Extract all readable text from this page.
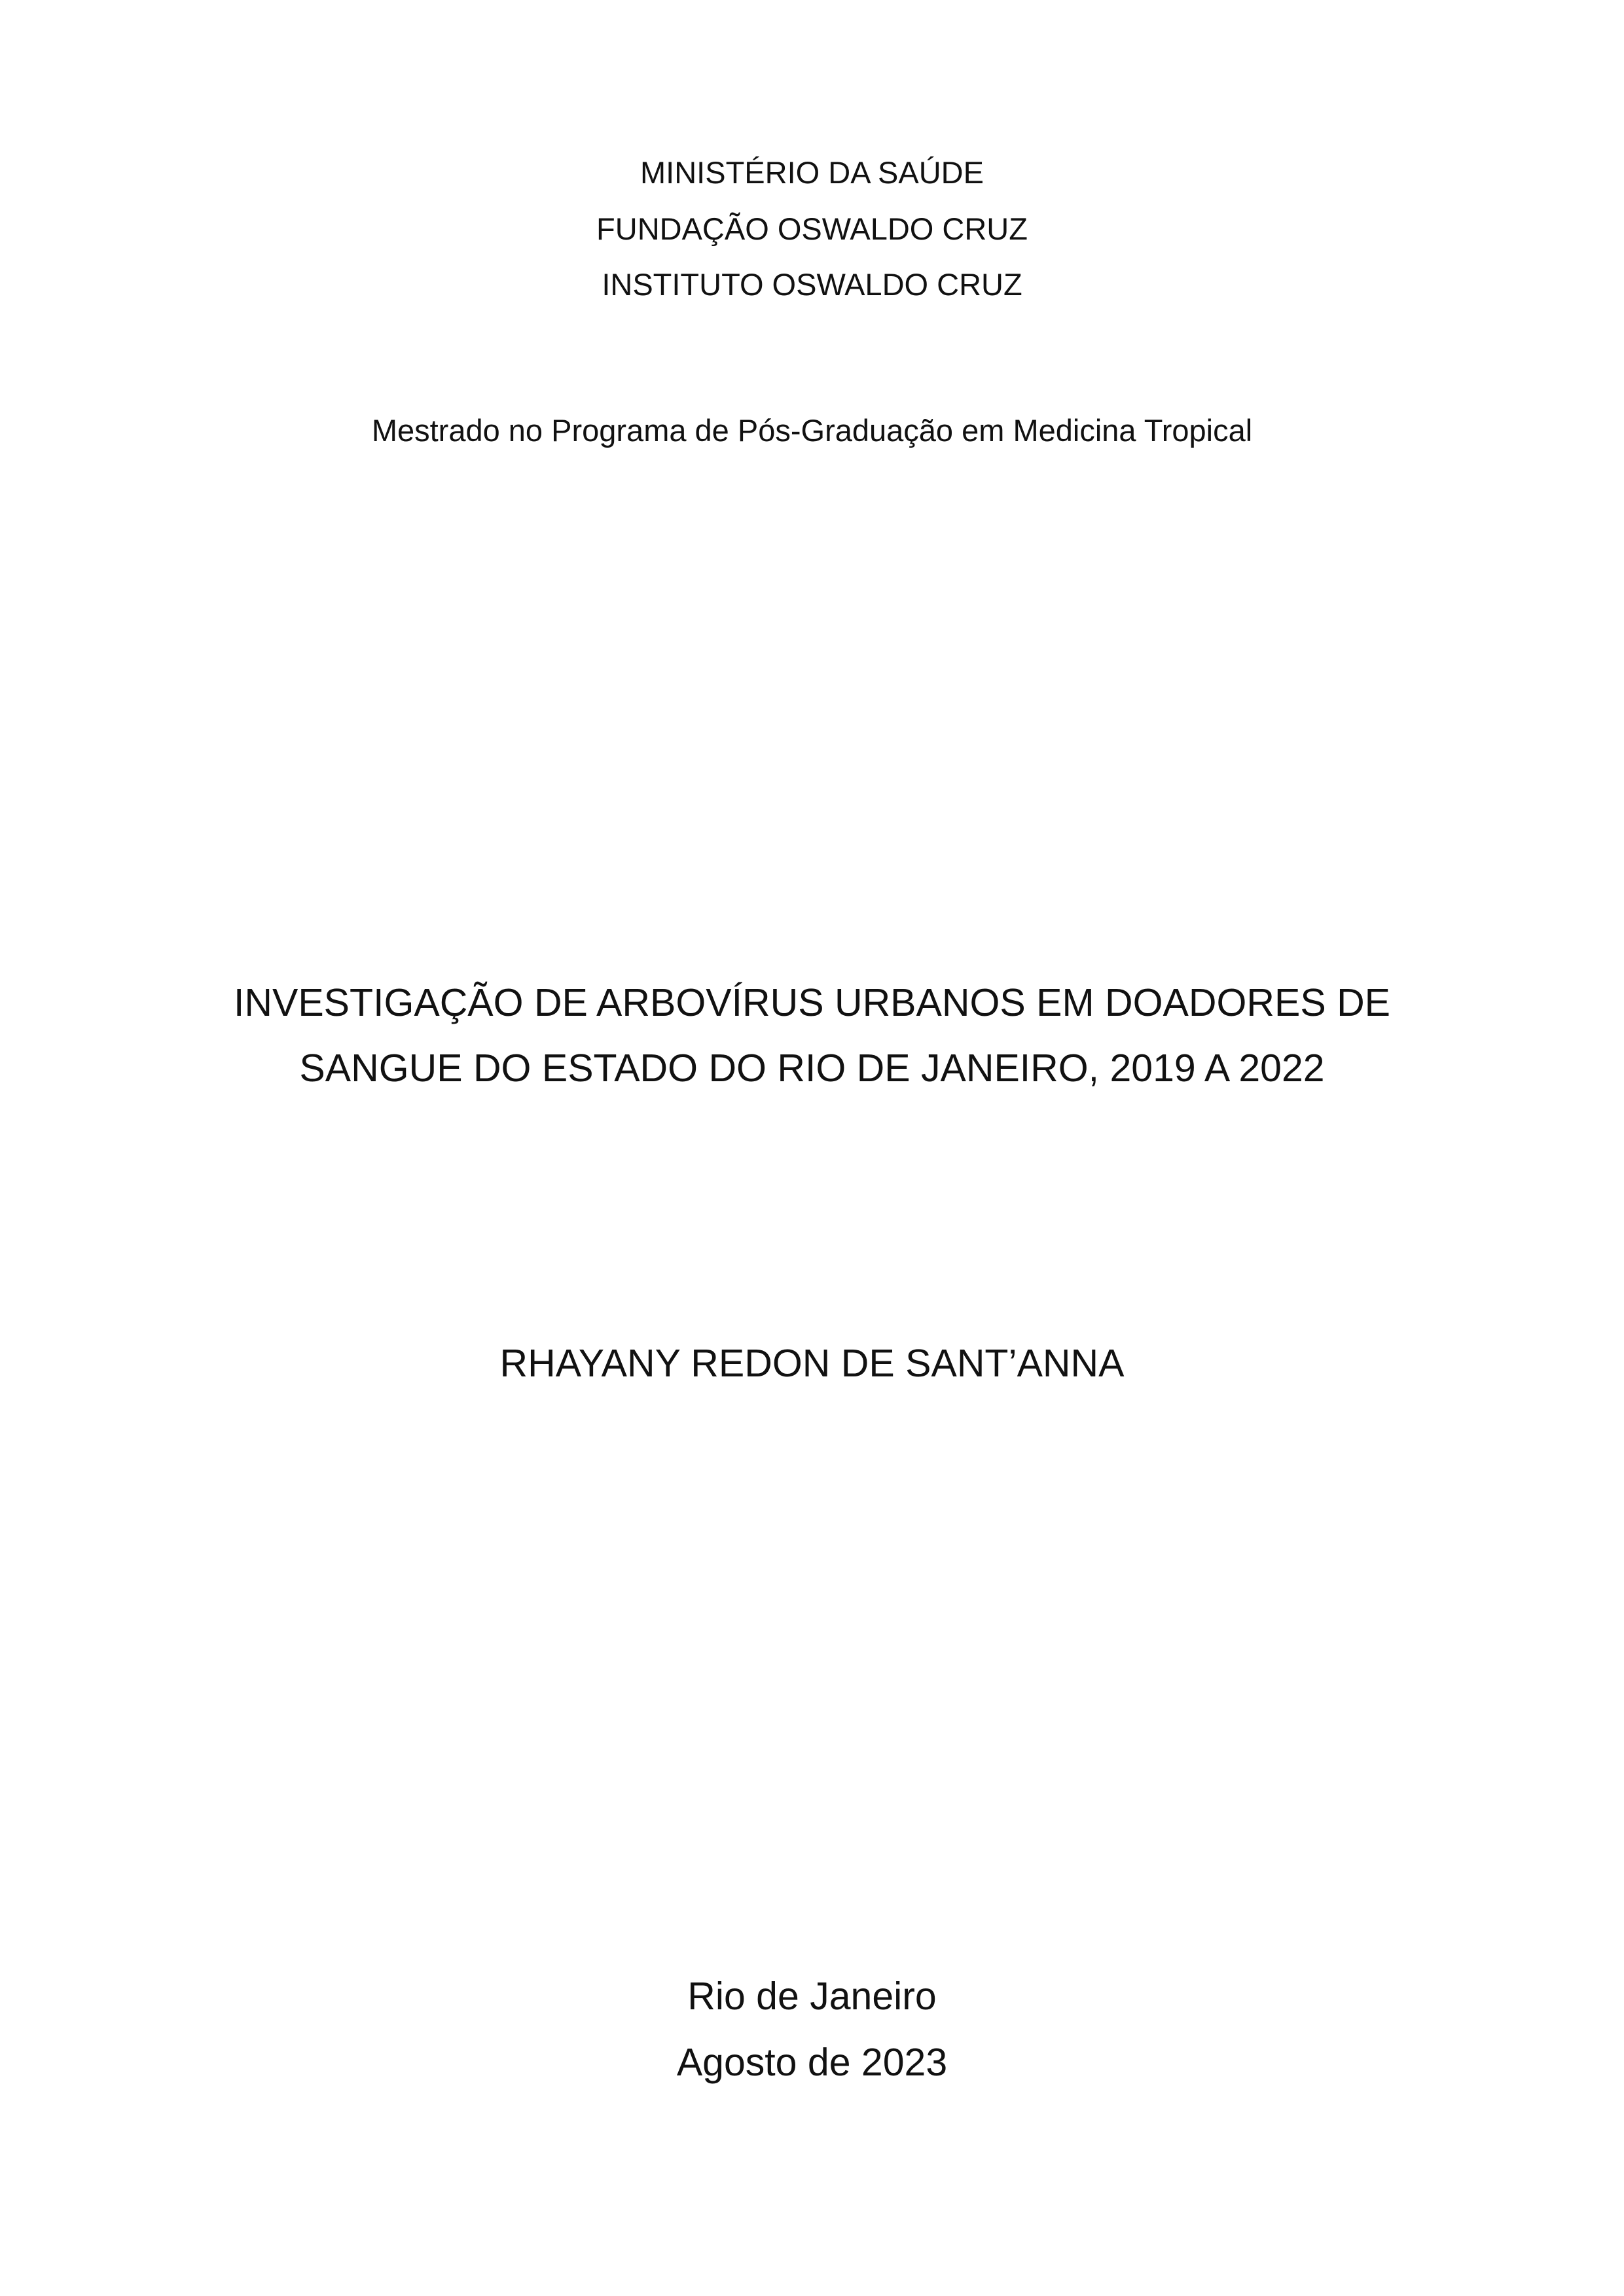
MINISTÉRIO DA SAÚDE
FUNDAÇÃO OSWALDO CRUZ
INSTITUTO OSWALDO CRUZ
Mestrado no Programa de Pós-Graduação em Medicina Tropical
INVESTIGAÇÃO DE ARBOVÍRUS URBANOS EM DOADORES DE
SANGUE DO ESTADO DO RIO DE JANEIRO, 2019 A 2022
RHAYANY REDON DE SANT’ANNA
Rio de Janeiro
Agosto de 2023
